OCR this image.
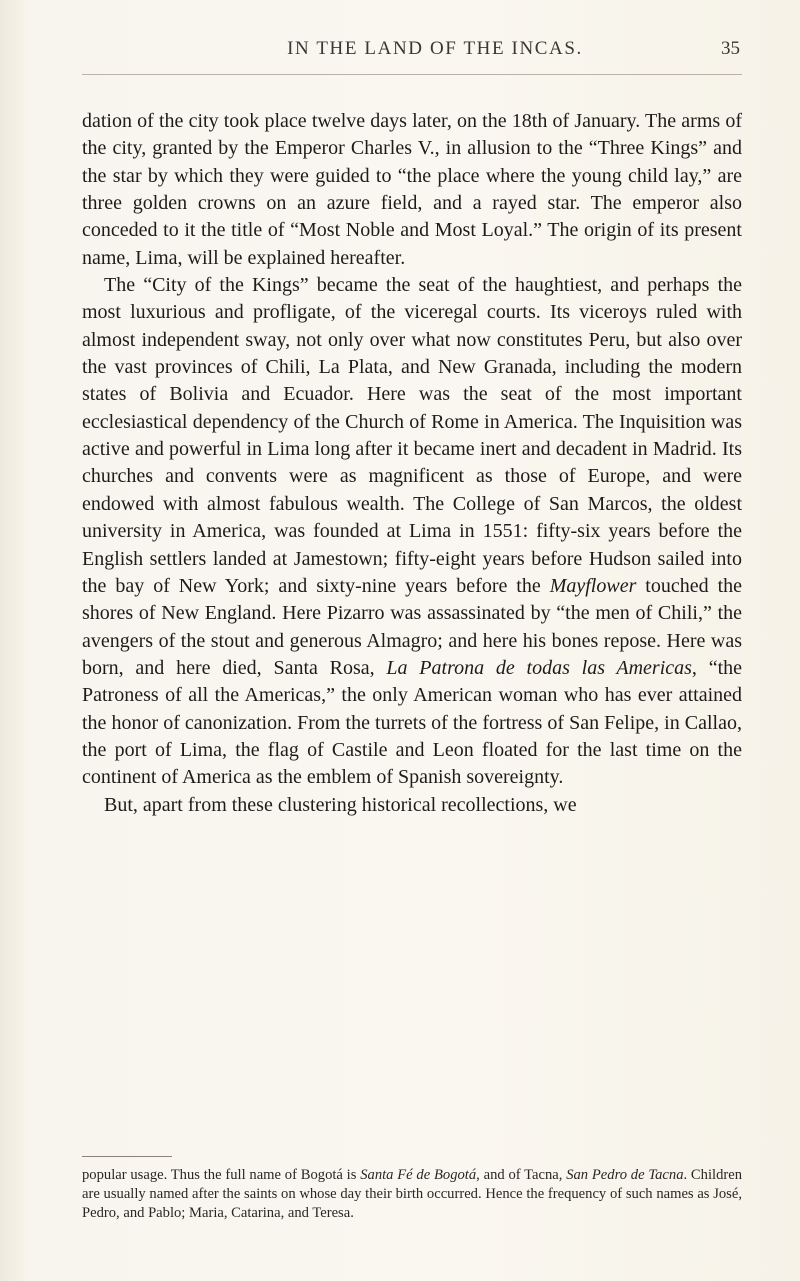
IN THE LAND OF THE INCAS.	35

dation of the city took place twelve days later, on the 18th of January. The arms of the city, granted by the Emperor Charles V., in allusion to the “Three Kings” and the star by which they were guided to “the place where the young child lay,” are three golden crowns on an azure field, and a rayed star. The emperor also conceded to it the title of “Most Noble and Most Loyal.” The origin of its present name, Lima, will be explained hereafter.

The “City of the Kings” became the seat of the haughtiest, and perhaps the most luxurious and profligate, of the viceregal courts. Its viceroys ruled with almost independent sway, not only over what now constitutes Peru, but also over the vast provinces of Chili, La Plata, and New Granada, including the modern states of Bolivia and Ecuador. Here was the seat of the most important ecclesiastical dependency of the Church of Rome in America. The Inquisition was active and powerful in Lima long after it became inert and decadent in Madrid. Its churches and convents were as magnificent as those of Europe, and were endowed with almost fabulous wealth. The College of San Marcos, the oldest university in America, was founded at Lima in 1551: fifty-six years before the English settlers landed at Jamestown; fifty-eight years before Hudson sailed into the bay of New York; and sixty-nine years before the Mayflower touched the shores of New England. Here Pizarro was assassinated by “the men of Chili,” the avengers of the stout and generous Almagro; and here his bones repose. Here was born, and here died, Santa Rosa, La Patrona de todas las Americas, “the Patroness of all the Americas,” the only American woman who has ever attained the honor of canonization. From the turrets of the fortress of San Felipe, in Callao, the port of Lima, the flag of Castile and Leon floated for the last time on the continent of America as the emblem of Spanish sovereignty.

But, apart from these clustering historical recollections, we

popular usage. Thus the full name of Bogotá is Santa Fé de Bogotá, and of Tacna, San Pedro de Tacna. Children are usually named after the saints on whose day their birth occurred. Hence the frequency of such names as José, Pedro, and Pablo; Maria, Catarina, and Teresa.
